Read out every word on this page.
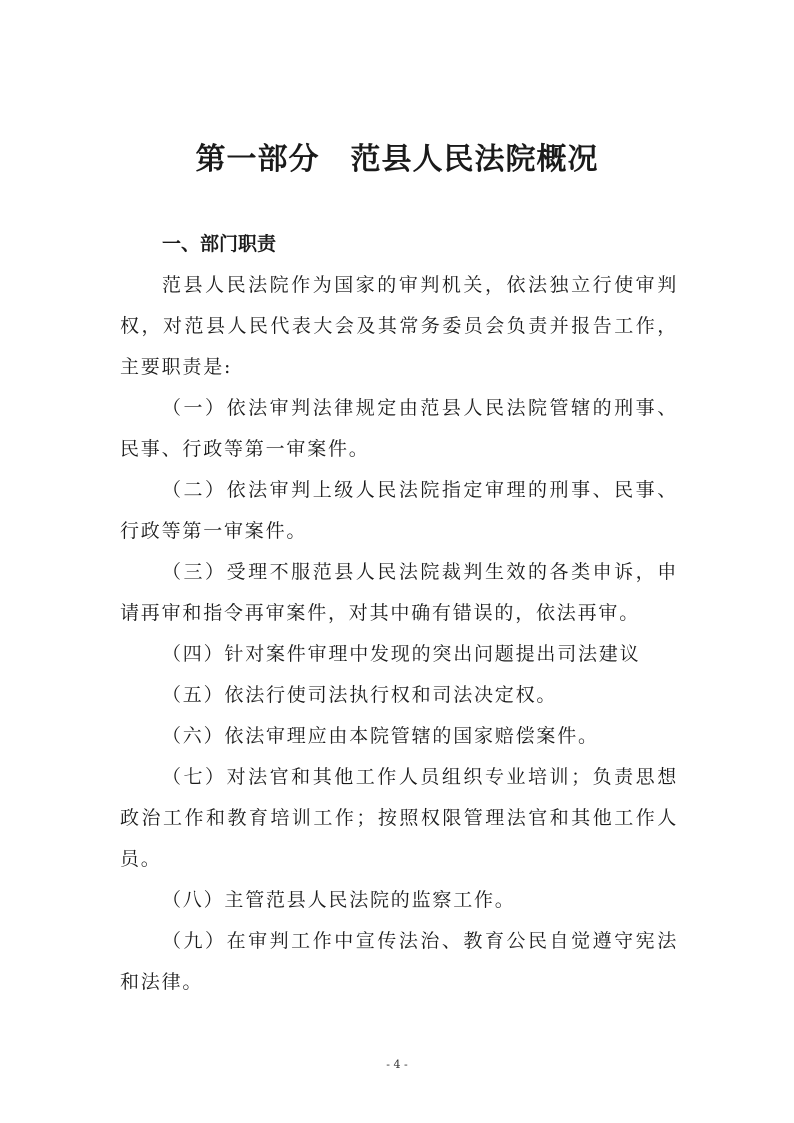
第一部分　范县人民法院概况

一、部门职责

范县人民法院作为国家的审判机关，依法独立行使审判权，对范县人民代表大会及其常务委员会负责并报告工作，主要职责是:

（一）依法审判法律规定由范县人民法院管辖的刑事、民事、行政等第一审案件。

（二）依法审判上级人民法院指定审理的刑事、民事、行政等第一审案件。

（三）受理不服范县人民法院裁判生效的各类申诉，申请再审和指令再审案件，对其中确有错误的，依法再审。

（四）针对案件审理中发现的突出问题提出司法建议

（五）依法行使司法执行权和司法决定权。

（六）依法审理应由本院管辖的国家赔偿案件。

（七）对法官和其他工作人员组织专业培训；负责思想政治工作和教育培训工作；按照权限管理法官和其他工作人员。

（八）主管范县人民法院的监察工作。

（九）在审判工作中宣传法治、教育公民自觉遵守宪法和法律。

- 4 -
